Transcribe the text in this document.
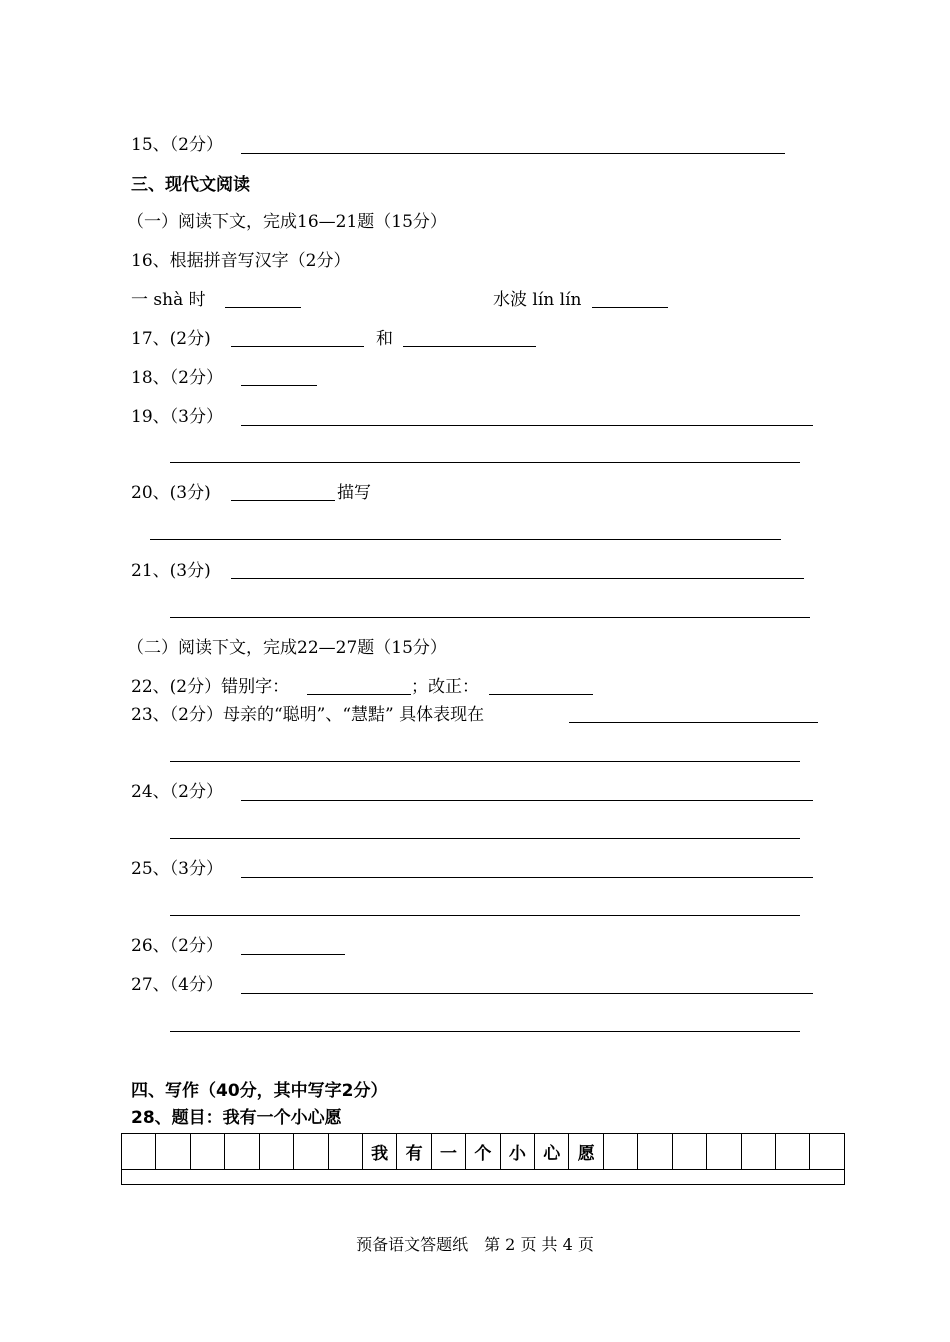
15、（2分）
三、现代文阅读
（一）阅读下文，完成16—21题（15分）
16、根据拼音写汉字（2分）
一 shà 时	水波 lín lín
17、(2分)	和
18、（2分）
19、（3分）
20、(3分)	描写
21、(3分)
（二）阅读下文，完成22—27题（15分）
22、(2分）错别字：	；改正：
23、（2分）母亲的“聪明”、“慧黠” 具体表现在
24、（2分）
25、（3分）
26、（2分）
27、（4分）
四、写作（40分，其中写字2分）
28、题目：我有一个小心愿
我	有	一	个	小	心	愿
预备语文答题纸　第 2 页 共 4 页
